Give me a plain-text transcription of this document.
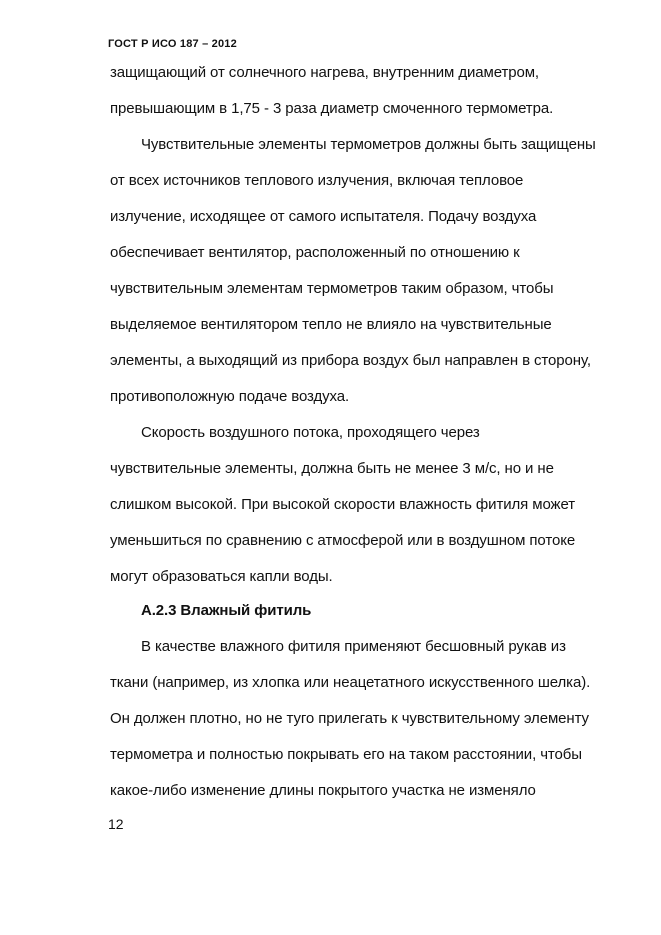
ГОСТ Р ИСО 187 – 2012
защищающий от солнечного нагрева, внутренним диаметром,
превышающим в 1,75 - 3 раза диаметр смоченного термометра.
Чувствительные элементы термометров должны быть защищены
от всех источников теплового излучения, включая тепловое
излучение, исходящее от самого испытателя. Подачу воздуха
обеспечивает вентилятор, расположенный по отношению к
чувствительным элементам термометров таким образом, чтобы
выделяемое вентилятором тепло не влияло на чувствительные
элементы, а выходящий из прибора воздух был направлен в сторону,
противоположную подаче воздуха.
Скорость воздушного потока, проходящего через
чувствительные элементы, должна быть не менее 3 м/с, но и не
слишком высокой. При высокой скорости влажность фитиля может
уменьшиться по сравнению с атмосферой или в воздушном потоке
могут образоваться капли воды.
А.2.3 Влажный фитиль
В качестве влажного фитиля применяют бесшовный рукав из
ткани (например, из хлопка или неацетатного искусственного шелка).
Он должен плотно, но не туго прилегать к чувствительному элементу
термометра и полностью покрывать его на таком расстоянии, чтобы
какое-либо изменение длины покрытого участка не изменяло
12
